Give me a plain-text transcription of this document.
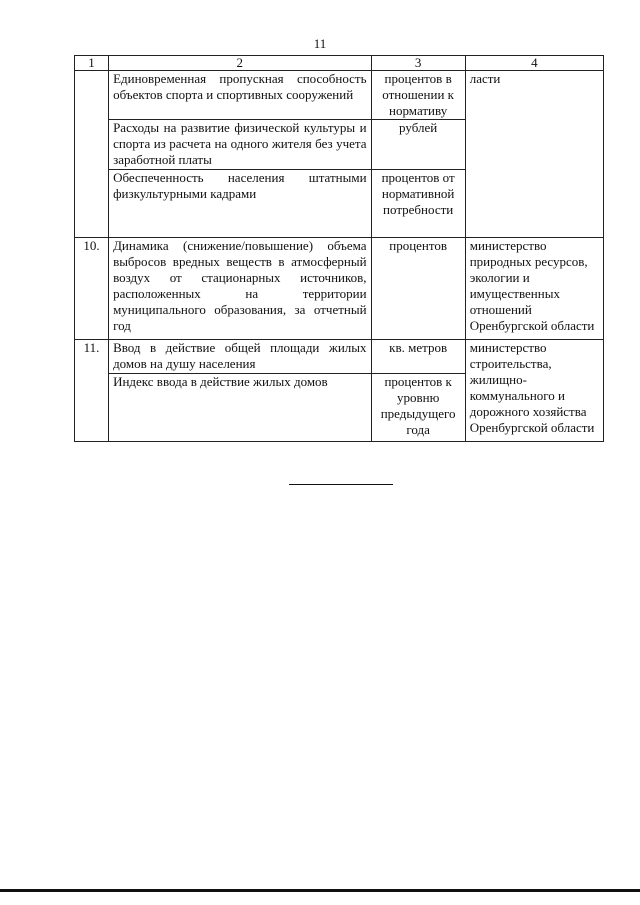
11
1	2	3	4
	Единовременная пропускная способность объектов спорта и спортивных сооружений	процентов в отношении к нормативу	ласти
	Расходы на развитие физической культуры и спорта из расчета на одного жителя без учета заработной платы	рублей	
	Обеспеченность населения штатными физкультурными кадрами	процентов от нормативной потребности	
10.	Динамика (снижение/повышение) объема выбросов вредных веществ в атмосферный воздух от стационарных источников, расположенных на территории муниципального образования, за отчетный год	процентов	министерство природных ресурсов, экологии и имущественных отношений Оренбургской области
11.	Ввод в действие общей площади жилых домов на душу населения	кв. метров	министерство строительства, жилищно-коммунального и дорожного хозяйства Оренбургской области
	Индекс ввода в действие жилых домов	процентов к уровню предыдущего года	
